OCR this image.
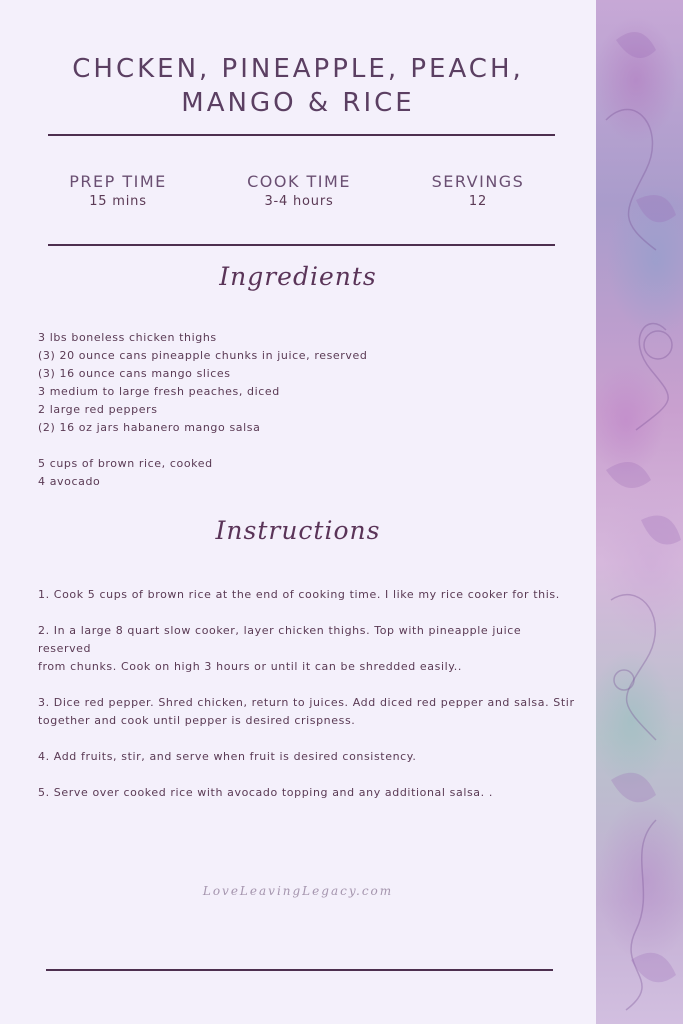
CHCKEN, PINEAPPLE, PEACH, MANGO & RICE
PREP TIME
15 mins
COOK TIME
3-4 hours
SERVINGS
12
Ingredients
3 lbs boneless chicken thighs
(3) 20 ounce cans pineapple chunks in juice, reserved
(3) 16 ounce cans mango slices
3 medium to large fresh peaches, diced
2 large red peppers
(2) 16 oz jars habanero mango salsa
5 cups of brown rice, cooked
4 avocado
Instructions
1. Cook 5 cups of brown rice at the end of cooking time. I like my rice cooker for this.
2. In a large 8 quart slow cooker, layer chicken thighs. Top with pineapple juice reserved
from chunks. Cook on high 3 hours or until it can be shredded easily..
3. Dice red pepper. Shred chicken, return to juices. Add diced red pepper and salsa. Stir
together and cook until pepper is desired crispness.
4. Add fruits, stir, and serve when fruit is desired consistency.
5. Serve over cooked rice with avocado topping and any additional salsa. .
LoveLeavingLegacy.com
